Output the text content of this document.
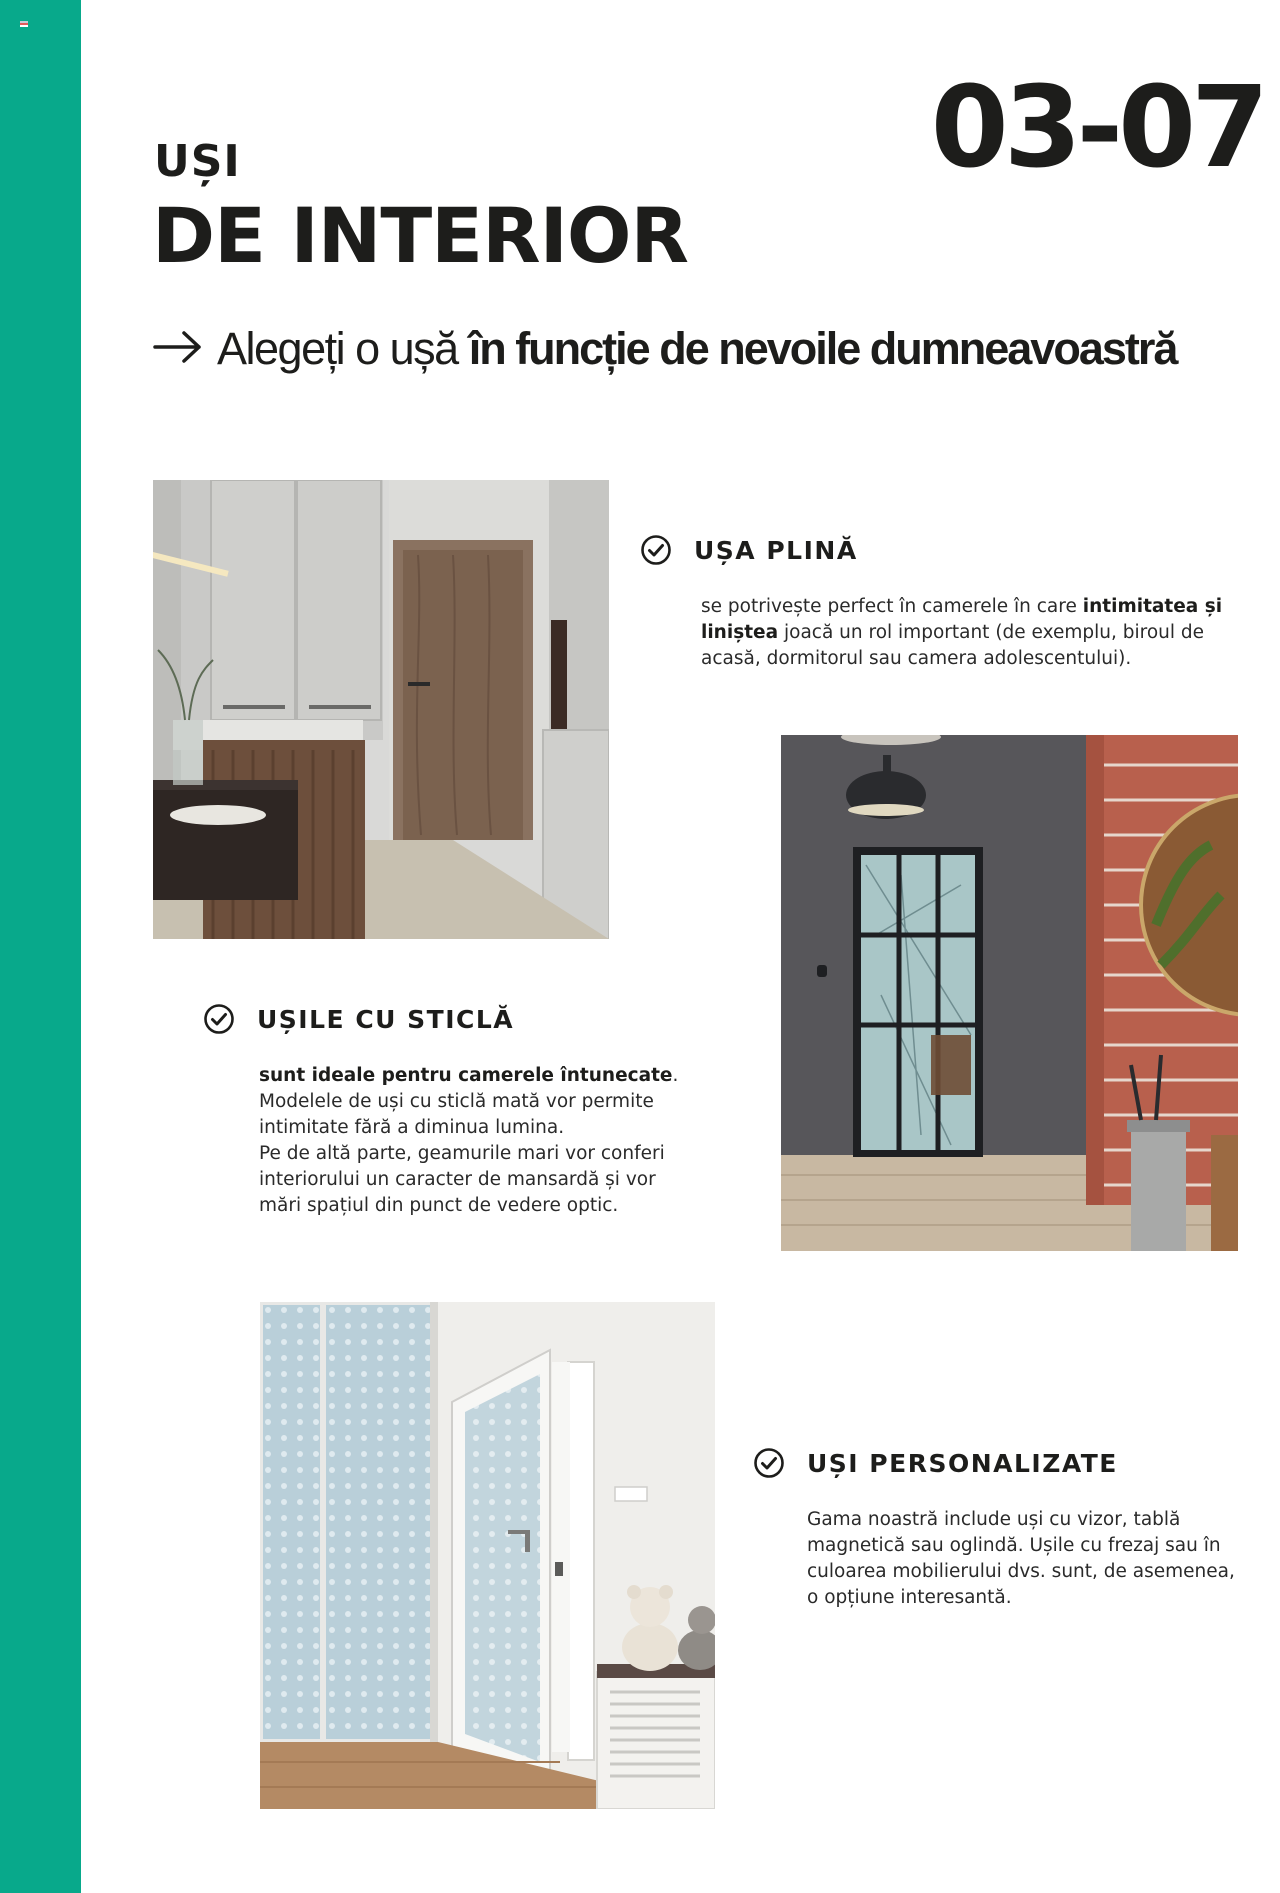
03-07
UȘI
DE INTERIOR
Alegeți o ușă în funcție de nevoile dumneavoastră
UȘA PLINĂ
se potrivește perfect în camerele în care intimitatea și liniștea joacă un rol important (de exemplu, biroul de acasă, dormitorul sau camera adolescentului).
UȘILE CU STICLĂ
sunt ideale pentru camerele întunecate. Modelele de uși cu sticlă mată vor permite intimitate fără a diminua lumina.
Pe de altă parte, geamurile mari vor conferi interiorului un caracter de mansardă și vor mări spațiul din punct de vedere optic.
UȘI PERSONALIZATE
Gama noastră include uși cu vizor, tablă magnetică sau oglindă. Ușile cu frezaj sau în culoarea mobilierului dvs. sunt, de asemenea, o opțiune interesantă.
